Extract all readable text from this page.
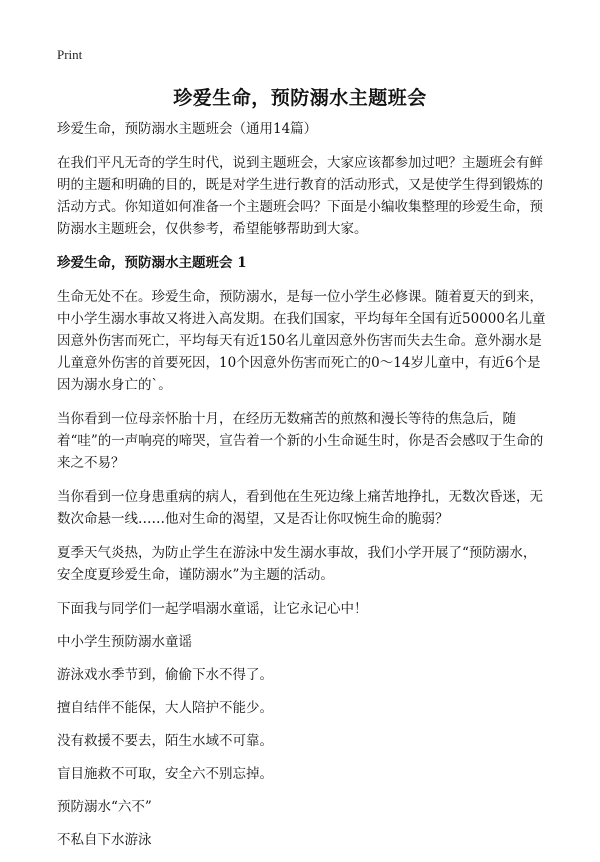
Print
珍爱生命，预防溺水主题班会

珍爱生命，预防溺水主题班会（通用14篇）

在我们平凡无奇的学生时代，说到主题班会，大家应该都参加过吧？主题班会有鲜明的主题和明确的目的，既是对学生进行教育的活动形式，又是使学生得到锻炼的活动方式。你知道如何准备一个主题班会吗？下面是小编收集整理的珍爱生命，预防溺水主题班会，仅供参考，希望能够帮助到大家。

珍爱生命，预防溺水主题班会 1

生命无处不在。珍爱生命，预防溺水，是每一位小学生必修课。随着夏天的到来，中小学生溺水事故又将进入高发期。在我们国家，平均每年全国有近50000名儿童因意外伤害而死亡，平均每天有近150名儿童因意外伤害而失去生命。意外溺水是儿童意外伤害的首要死因，10个因意外伤害而死亡的0～14岁儿童中，有近6个是因为溺水身亡的`。

当你看到一位母亲怀胎十月，在经历无数痛苦的煎熬和漫长等待的焦急后，随着“哇”的一声响亮的啼哭，宣告着一个新的小生命诞生时，你是否会感叹于生命的来之不易？

当你看到一位身患重病的病人，看到他在生死边缘上痛苦地挣扎，无数次昏迷，无数次命悬一线……他对生命的渴望，又是否让你叹惋生命的脆弱？

夏季天气炎热，为防止学生在游泳中发生溺水事故，我们小学开展了“预防溺水，安全度夏珍爱生命，谨防溺水”为主题的活动。

下面我与同学们一起学唱溺水童谣，让它永记心中！

中小学生预防溺水童谣

游泳戏水季节到，偷偷下水不得了。

擅自结伴不能保，大人陪护不能少。

没有救援不要去，陌生水域不可靠。

盲目施救不可取，安全六不别忘掉。

预防溺水“六不”

不私自下水游泳
